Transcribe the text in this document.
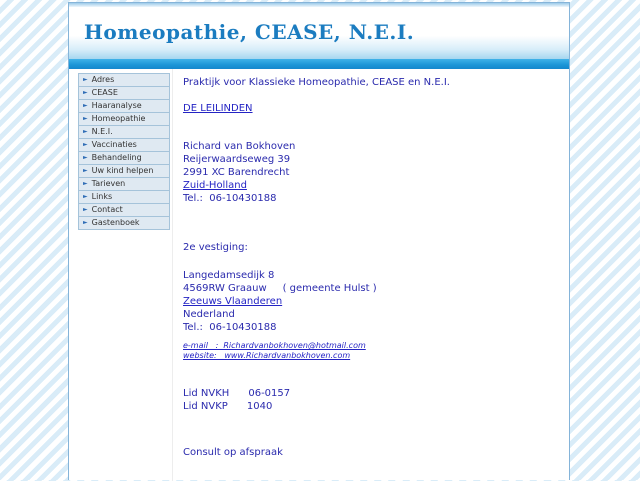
Homeopathie, CEASE, N.E.I.
► Adres
► CEASE
► Haaranalyse
► Homeopathie
► N.E.I.
► Vaccinaties
► Behandeling
► Uw kind helpen
► Tarieven
► Links
► Contact
► Gastenboek
Praktijk voor Klassieke Homeopathie, CEASE en N.E.I.
DE LEILINDEN
Richard van Bokhoven
Reijerwaardseweg 39
2991 XC Barendrecht
Zuid-Holland
Tel.:  06-10430188
2e vestiging:
Langedamsedijk 8
4569RW Graauw     ( gemeente Hulst )
Zeeuws Vlaanderen
Nederland
Tel.:  06-10430188
e-mail   :  Richardvanbokhoven@hotmail.com
website:   www.Richardvanbokhoven.com
Lid NVKH      06-0157
Lid NVKP      1040
Consult op afspraak
